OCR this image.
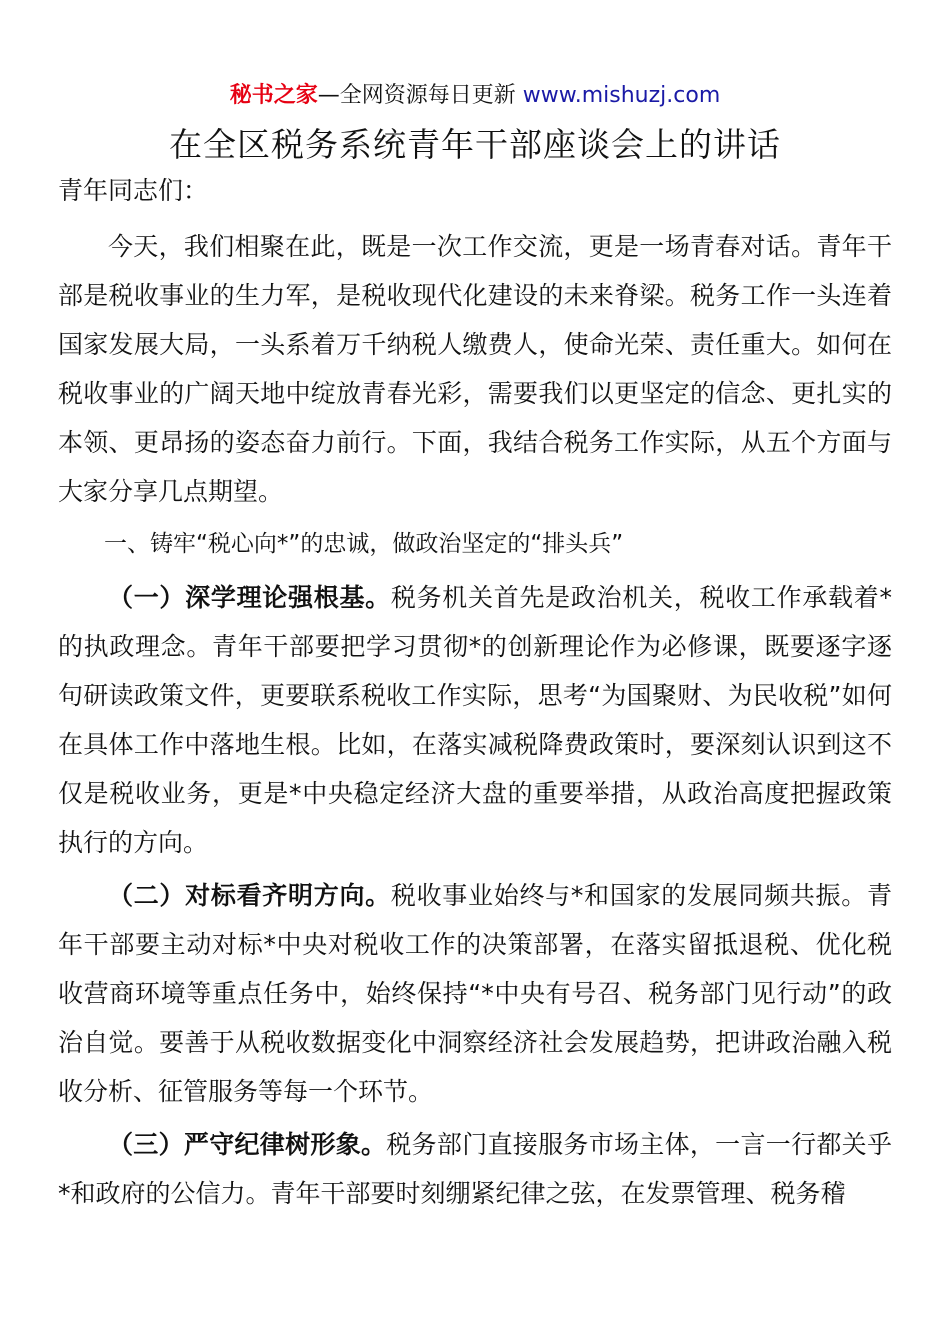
秘书之家—全网资源每日更新 www.mishuzj.com
在全区税务系统青年干部座谈会上的讲话
青年同志们：

今天，我们相聚在此，既是一次工作交流，更是一场青春对话。青年干部是税收事业的生力军，是税收现代化建设的未来脊梁。税务工作一头连着国家发展大局，一头系着万千纳税人缴费人，使命光荣、责任重大。如何在税收事业的广阔天地中绽放青春光彩，需要我们以更坚定的信念、更扎实的本领、更昂扬的姿态奋力前行。下面，我结合税务工作实际，从五个方面与大家分享几点期望。

一、铸牢“税心向*”的忠诚，做政治坚定的“排头兵”

（一）深学理论强根基。税务机关首先是政治机关，税收工作承载着*的执政理念。青年干部要把学习贯彻*的创新理论作为必修课，既要逐字逐句研读政策文件，更要联系税收工作实际，思考“为国聚财、为民收税”如何在具体工作中落地生根。比如，在落实减税降费政策时，要深刻认识到这不仅是税收业务，更是*中央稳定经济大盘的重要举措，从政治高度把握政策执行的方向。

（二）对标看齐明方向。税收事业始终与*和国家的发展同频共振。青年干部要主动对标*中央对税收工作的决策部署，在落实留抵退税、优化税收营商环境等重点任务中，始终保持“*中央有号召、税务部门见行动”的政治自觉。要善于从税收数据变化中洞察经济社会发展趋势，把讲政治融入税收分析、征管服务等每一个环节。

（三）严守纪律树形象。税务部门直接服务市场主体，一言一行都关乎*和政府的公信力。青年干部要时刻绷紧纪律之弦，在发票管理、税务稽
